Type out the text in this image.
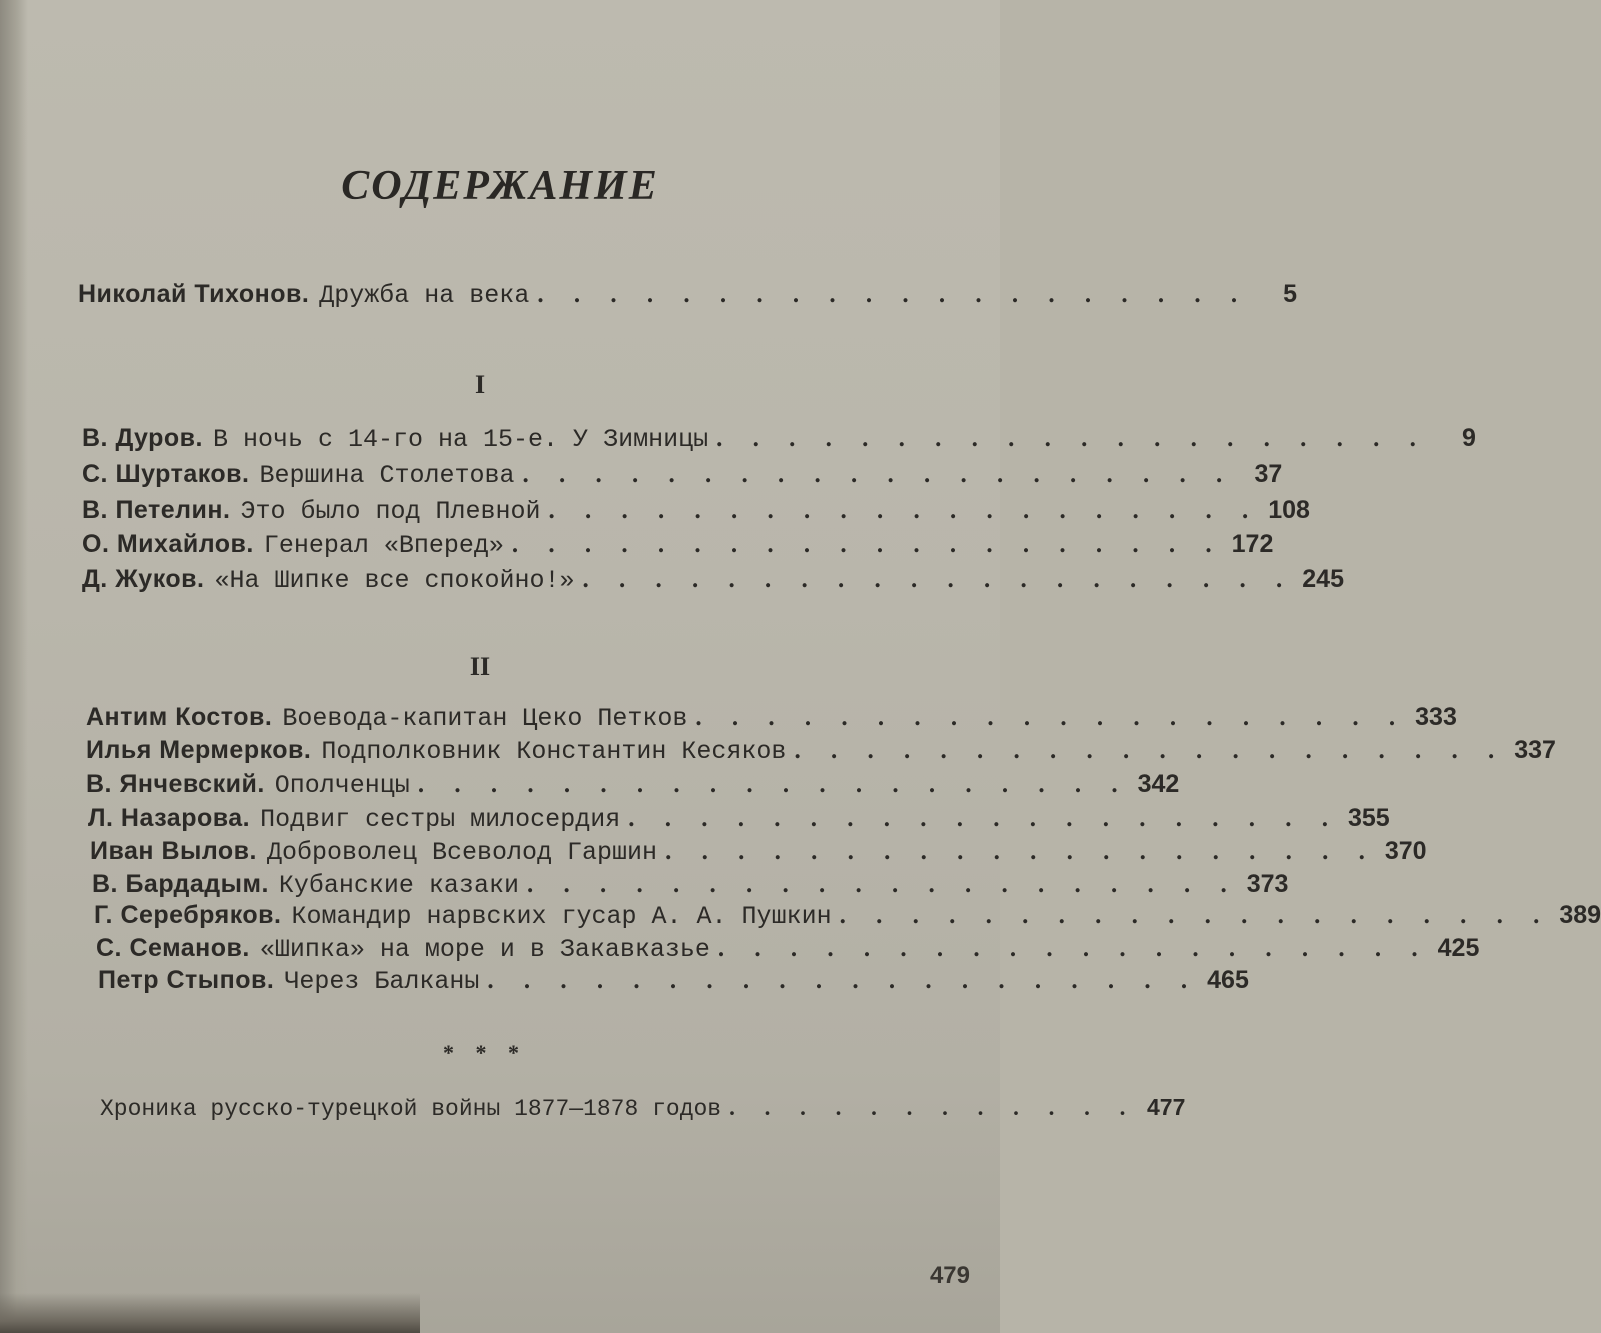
СОДЕРЖАНИЕ
Николай Тихонов. Дружба на века . . . . . . . . . . . . . . . . . . . .	5
I
В. Дуров. В ночь с 14-го на 15-е. У Зимницы . . . . . . . . . . . . . . . . . . . .	9
С. Шуртаков. Вершина Столетова . . . . . . . . . . . . . . . . . . . . 37
В. Петелин. Это было под Плевной . . . . . . . . . . . . . . . . . . . . 108
О. Михайлов. Генерал «Вперед» . . . . . . . . . . . . . . . . . . . . 172
Д. Жуков. «На Шипке все спокойно!» . . . . . . . . . . . . . . . . . . . . 245
II
Антим Костов. Воевода-капитан Цеко Петков . . . . . . . . . . . . . . . . . . . . 333
Илья Мермерков. Подполковник Константин Кесяков . . . . . . . . . . . . . . . . . . . . 337
В. Янчевский. Ополченцы . . . . . . . . . . . . . . . . . . . . 342
Л. Назарова. Подвиг сестры милосердия . . . . . . . . . . . . . . . . . . . . 355
Иван Вылов. Доброволец Всеволод Гаршин . . . . . . . . . . . . . . . . . . . . 370
В. Бардадым. Кубанские казаки . . . . . . . . . . . . . . . . . . . . 373
Г. Серебряков. Командир нарвских гусар А. А. Пушкин . . . . . . . . . . . . . . . . . . . . 389
С. Семанов. «Шипка» на море и в Закавказье . . . . . . . . . . . . . . . . . . . . 425
Петр Стыпов. Через Балканы . . . . . . . . . . . . . . . . . . . . 465
* * *
Хроника русско-турецкой войны 1877—1878 годов . . . . . . . . . . . . 477
479
